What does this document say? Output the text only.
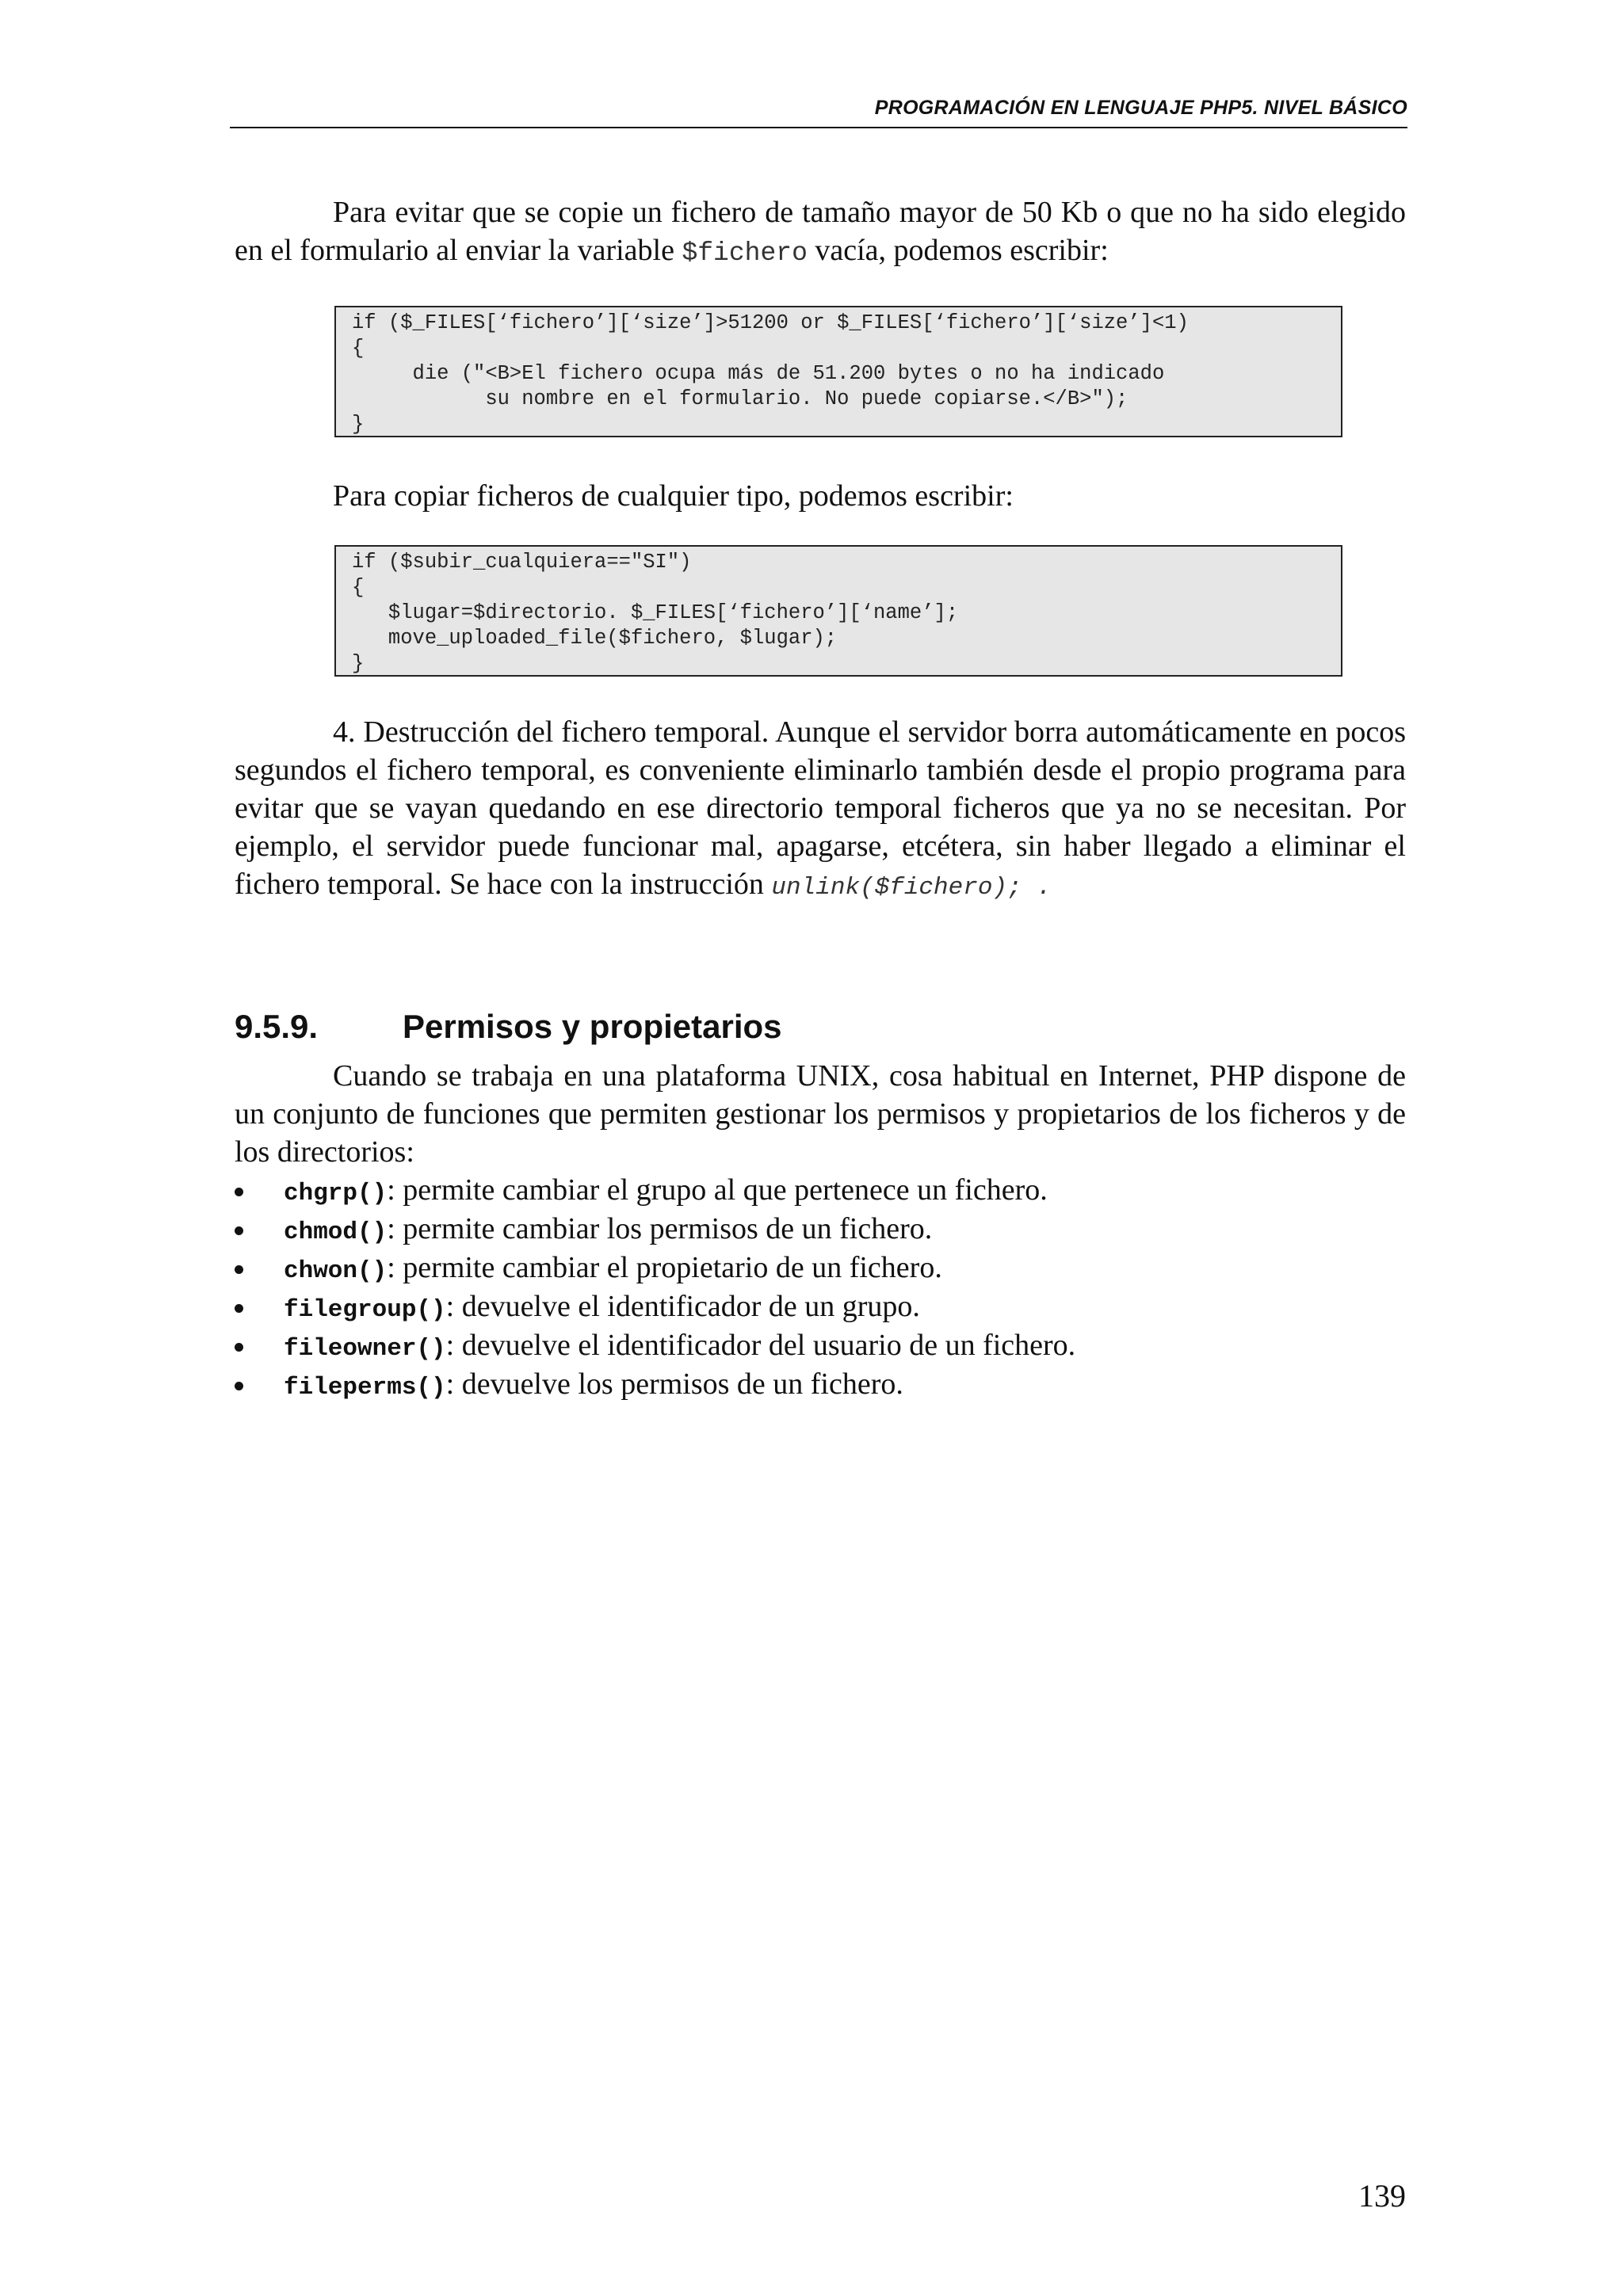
PROGRAMACIÓN EN LENGUAJE PHP5. NIVEL BÁSICO

Para evitar que se copie un fichero de tamaño mayor de 50 Kb o que no ha sido elegido en el formulario al enviar la variable $fichero vacía, podemos escribir:

if ($_FILES[‘fichero’][‘size’]>51200 or $_FILES[‘fichero’][‘size’]<1)
{
die ("<B>El fichero ocupa más de 51.200 bytes o no ha indicado
su nombre en el formulario. No puede copiarse.</B>");
}

Para copiar ficheros de cualquier tipo, podemos escribir:

if ($subir_cualquiera=="SI")
{
$lugar=$directorio. $_FILES[‘fichero’][‘name’];
move_uploaded_file($fichero, $lugar);
}

4. Destrucción del fichero temporal. Aunque el servidor borra automáticamente en pocos segundos el fichero temporal, es conveniente eliminarlo también desde el propio programa para evitar que se vayan quedando en ese directorio temporal ficheros que ya no se necesitan. Por ejemplo, el servidor puede funcionar mal, apagarse, etcétera, sin haber llegado a eliminar el fichero temporal. Se hace con la instrucción unlink($fichero); .

9.5.9.	Permisos y propietarios

Cuando se trabaja en una plataforma UNIX, cosa habitual en Internet, PHP dispone de un conjunto de funciones que permiten gestionar los permisos y propietarios de los ficheros y de los directorios:

chgrp(): permite cambiar el grupo al que pertenece un fichero.
chmod(): permite cambiar los permisos de un fichero.
chwon(): permite cambiar el propietario de un fichero.
filegroup(): devuelve el identificador de un grupo.
fileowner(): devuelve el identificador del usuario de un fichero.
fileperms(): devuelve los permisos de un fichero.
139
